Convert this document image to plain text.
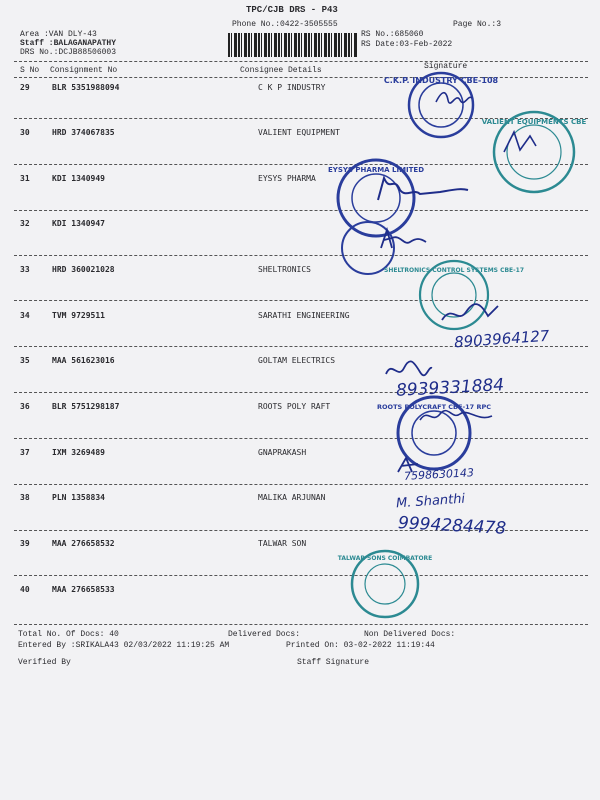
TPC/CJB DRS - P43
Phone No.:0422-3505555	Page No.:3
Area :VAN DLY-43
Staff :BALAGANAPATHY
DRS No.:DCJB88506003
RS No.:685060
RS Date:03-Feb-2022
S No Consignment No	Consignee Details	Signature
29	BLR 5351988094	C K P INDUSTRY
30	HRD 374067835	VALIENT EQUIPMENT
31	KDI 1340949	EYSYS PHARMA
32	KDI 1340947
33	HRD 360021028	SHELTRONICS
34	TVM 9729511	SARATHI ENGINEERING
35	MAA 561623016	GOLTAM ELECTRICS
36	BLR 5751298187	ROOTS POLY RAFT
37	IXM 3269489	GNAPRAKASH
38	PLN 1358834	MALIKA ARJUNAN
39	MAA 276658532	TALWAR SON
40	MAA 276658533
C.K.P. INDUSTRY CBE-108
VALIENT EQUIPMENTS CBE
EYSYS PHARMA LIMITED
SHELTRONICS CONTROL SYSTEMS CBE-17
ROOTS POLYCRAFT CBE-17 RPC
TALWAR SONS COIMBATORE
8903964127
8939331884
7598630143
M. Shanthi
9994284478
Total No. Of Docs: 40	Delivered Docs:	Non Delivered Docs:
Entered By :SRIKALA43 02/03/2022 11:19:25 AM	Printed On: 03-02-2022 11:19:44
Verified By	Staff Signature
